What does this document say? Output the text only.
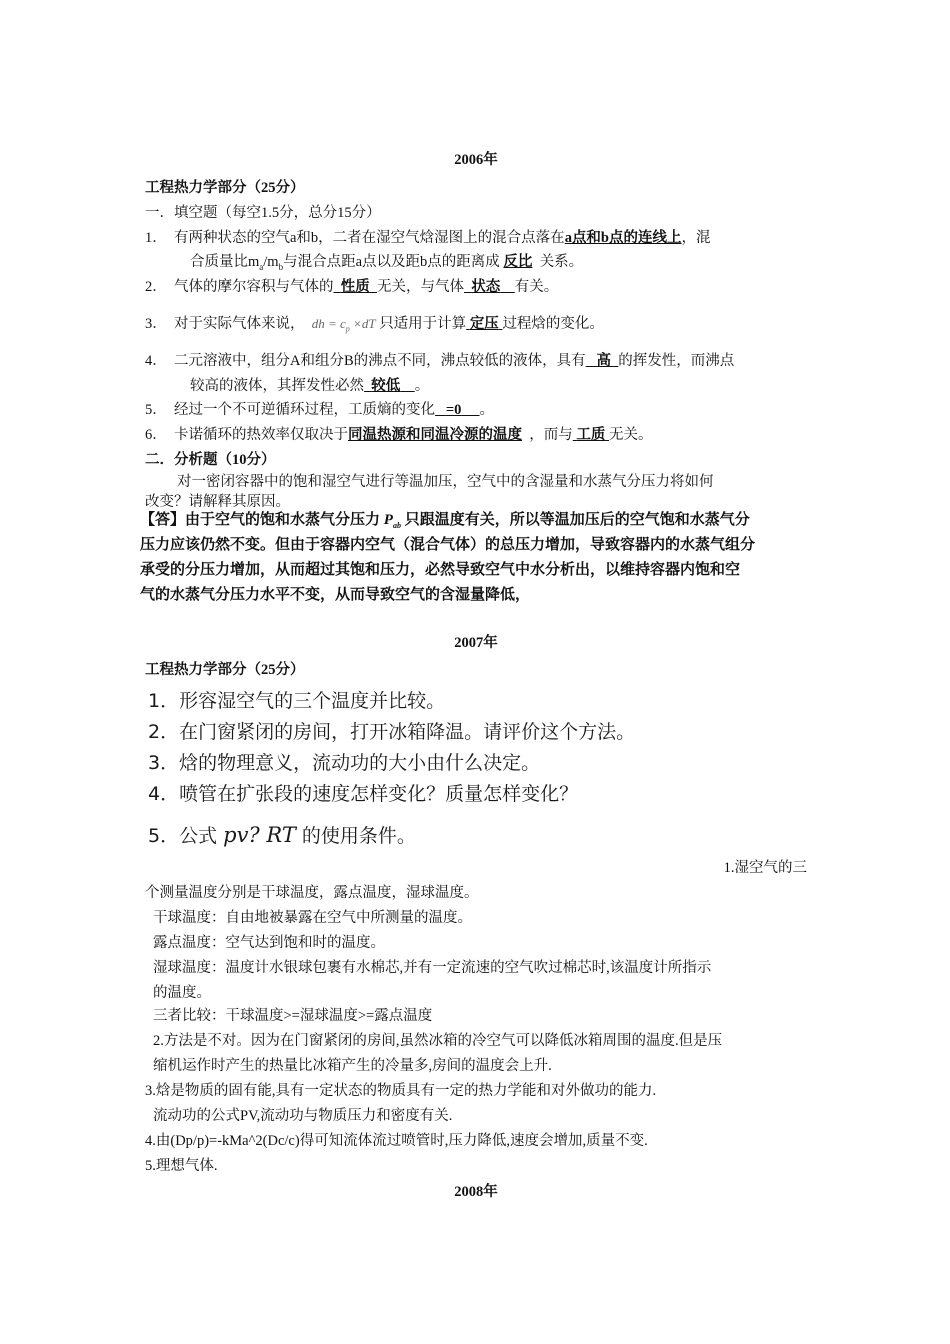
2006年
工程热力学部分（25分）
一．填空题（每空1.5分，总分15分）
1． 有两种状态的空气a和b，二者在湿空气焓湿图上的混合点落在a点和b点的连线上，混
合质量比$m_a/m_b$与混合点距a点以及距b点的距离成 反比 关系。
2． 气体的摩尔容积与气体的 性质 无关，与气体 状态 有关。
3． 对于实际气体来说， dh = $c_p \times dT$ 只适用于计算 定压 过程焓的变化。
4． 二元溶液中，组分A和组分B的沸点不同，沸点较低的液体，具有 高 的挥发性，而沸点
较高的液体，其挥发性必然 较低 。
5． 经过一个不可逆循环过程，工质熵的变化 =0 。
6． 卡诺循环的热效率仅取决于同温热源和同温冷源的温度 ，而与 工质 无关。
二．分析题（10分）
对一密闭容器中的饱和湿空气进行等温加压，空气中的含湿量和水蒸气分压力将如何
改变？请解释其原因。
【答】由于空气的饱和水蒸气分压力 $P_{ab}$ 只跟温度有关，所以等温加压后的空气饱和水蒸气分
压力应该仍然不变。但由于容器内空气（混合气体）的总压力增加，导致容器内的水蒸气组分
承受的分压力增加，从而超过其饱和压力，必然导致空气中水分析出，以维持容器内饱和空
气的水蒸气分压力水平不变，从而导致空气的含湿量降低，
2007年
工程热力学部分（25分）
1．形容湿空气的三个温度并比较。
2．在门窗紧闭的房间，打开冰箱降温。请评价这个方法。
3．焓的物理意义，流动功的大小由什么决定。
4．喷管在扩张段的速度怎样变化？质量怎样变化？
5．公式 pv? RT 的使用条件。
1.湿空气的三
个测量温度分别是干球温度，露点温度，湿球温度。
干球温度：自由地被暴露在空气中所测量的温度。
露点温度：空气达到饱和时的温度。
湿球温度：温度计水银球包裹有水棉芯,并有一定流速的空气吹过棉芯时,该温度计所指示
的温度。
三者比较：干球温度>=湿球温度>=露点温度
2.方法是不对。因为在门窗紧闭的房间,虽然冰箱的冷空气可以降低冰箱周围的温度.但是压
缩机运作时产生的热量比冰箱产生的冷量多,房间的温度会上升.
3.焓是物质的固有能,具有一定状态的物质具有一定的热力学能和对外做功的能力.
流动功的公式PV,流动功与物质压力和密度有关.
4.由(Dp/p)=-kMa^2(Dc/c)得可知流体流过喷管时,压力降低,速度会增加,质量不变.
5.理想气体.
2008年
